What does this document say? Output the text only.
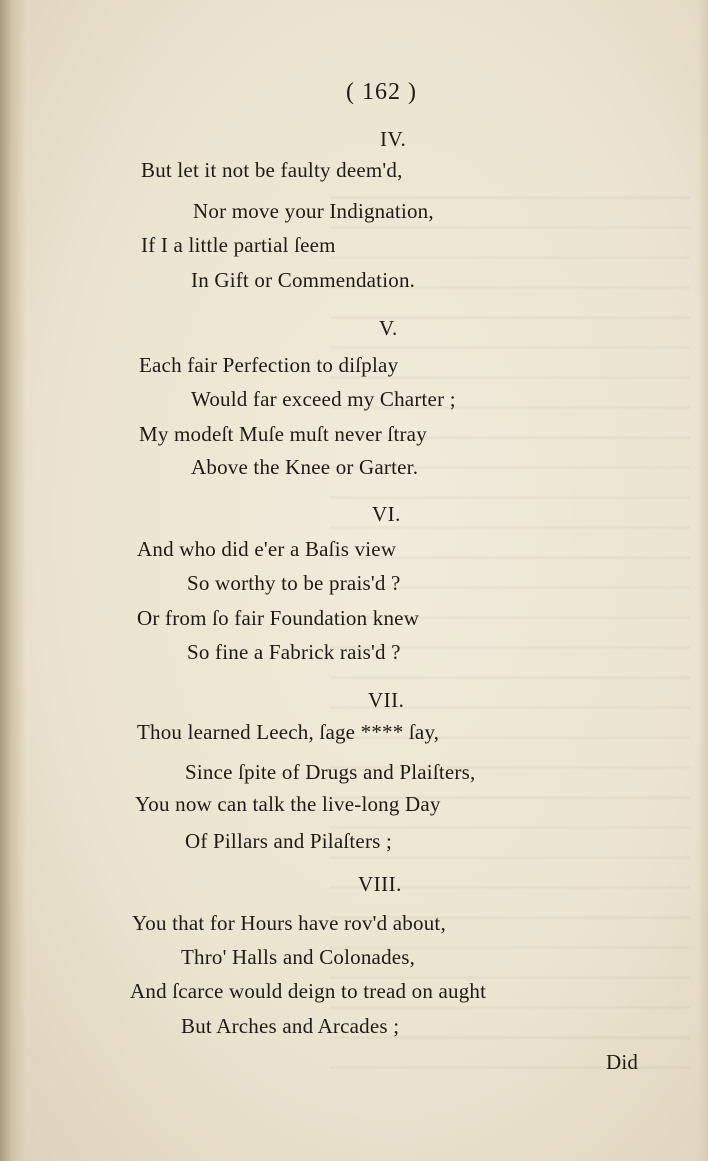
( 162 )
IV.
But let it not be faulty deem'd,
Nor move your Indignation,
If I a little partial ſeem
In Gift or Commendation.
V.
Each fair Perfection to diſplay
Would far exceed my Charter ;
My modeſt Muſe muſt never ſtray
Above the Knee or Garter.
VI.
And who did e'er a Baſis view
So worthy to be prais'd ?
Or from ſo fair Foundation knew
So fine a Fabrick rais'd ?
VII.
Thou learned Leech, ſage **** ſay,
Since ſpite of Drugs and Plaiſters,
You now can talk the live-long Day
Of Pillars and Pilaſters ;
VIII.
You that for Hours have rov'd about,
Thro' Halls and Colonades,
And ſcarce would deign to tread on aught
But Arches and Arcades ;
Did
